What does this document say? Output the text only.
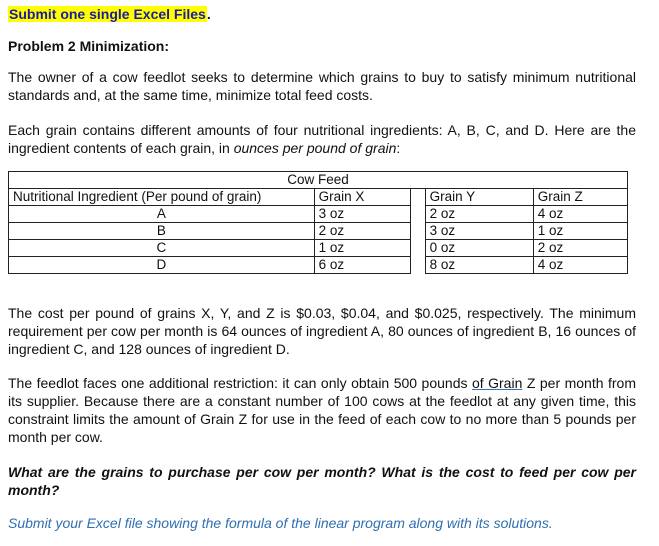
Submit one single Excel Files.
Problem 2 Minimization:
The owner of a cow feedlot seeks to determine which grains to buy to satisfy minimum nutritional standards and, at the same time, minimize total feed costs.
Each grain contains different amounts of four nutritional ingredients: A, B, C, and D. Here are the ingredient contents of each grain, in ounces per pound of grain:
Cow Feed				
Nutritional Ingredient (Per pound of grain)	Grain X		Grain Y	Grain Z
A	3 oz		2 oz	4 oz
B	2 oz		3 oz	1 oz
C	1 oz		0 oz	2 oz
D	6 oz		8 oz	4 oz
The cost per pound of grains X, Y, and Z is $0.03, $0.04, and $0.025, respectively. The minimum requirement per cow per month is 64 ounces of ingredient A, 80 ounces of ingredient B, 16 ounces of ingredient C, and 128 ounces of ingredient D.
The feedlot faces one additional restriction: it can only obtain 500 pounds of Grain Z per month from its supplier. Because there are a constant number of 100 cows at the feedlot at any given time, this constraint limits the amount of Grain Z for use in the feed of each cow to no more than 5 pounds per month per cow.
What are the grains to purchase per cow per month? What is the cost to feed per cow per month?
Submit your Excel file showing the formula of the linear program along with its solutions.
